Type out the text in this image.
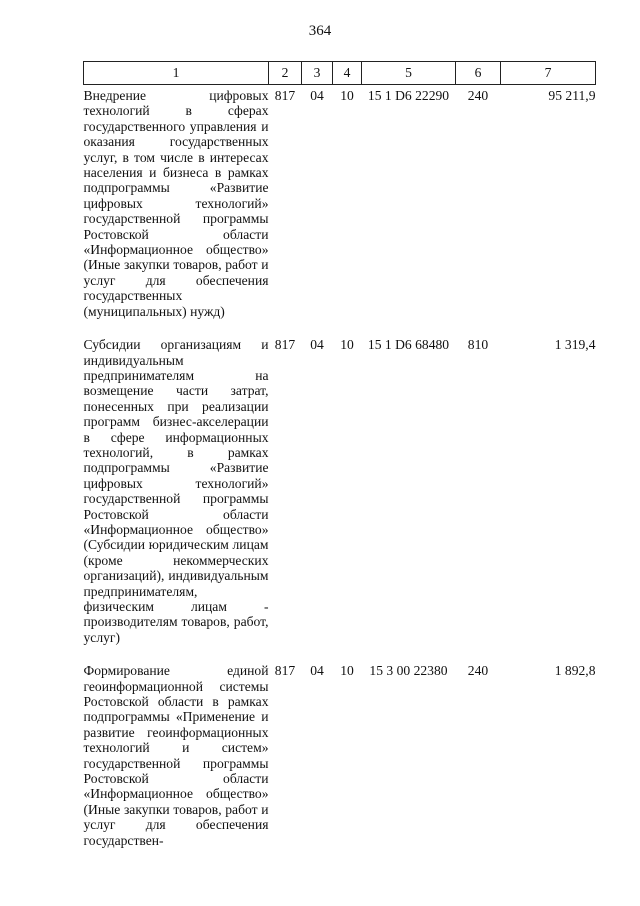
364
1	2	3	4	5	6	7
Внедрение цифровых технологий в сферах государственного управления и оказания государственных услуг, в том числе в интересах населения и бизнеса в рамках подпрограммы «Развитие цифровых технологий» государственной программы Ростовской области «Информационное общество» (Иные закупки товаров, работ и услуг для обеспечения государственных (муниципальных) нужд)	817	04	10	15 1 D6 22290	240	95 211,9
Субсидии организациям и индивидуальным предпринимателям на возмещение части затрат, понесенных при реализации программ бизнес-акселерации в сфере информационных технологий, в рамках подпрограммы «Развитие цифровых технологий» государственной программы Ростовской области «Информационное общество» (Субсидии юридическим лицам (кроме некоммерческих организаций), индивидуальным предпринимателям, физическим лицам - производителям товаров, работ, услуг)	817	04	10	15 1 D6 68480	810	1 319,4
Формирование единой геоинформационной системы Ростовской области в рамках подпрограммы «Применение и развитие геоинформационных технологий и систем» государственной программы Ростовской области «Информационное общество» (Иные закупки товаров, работ и услуг для обеспечения государствен-	817	04	10	15 3 00 22380	240	1 892,8
